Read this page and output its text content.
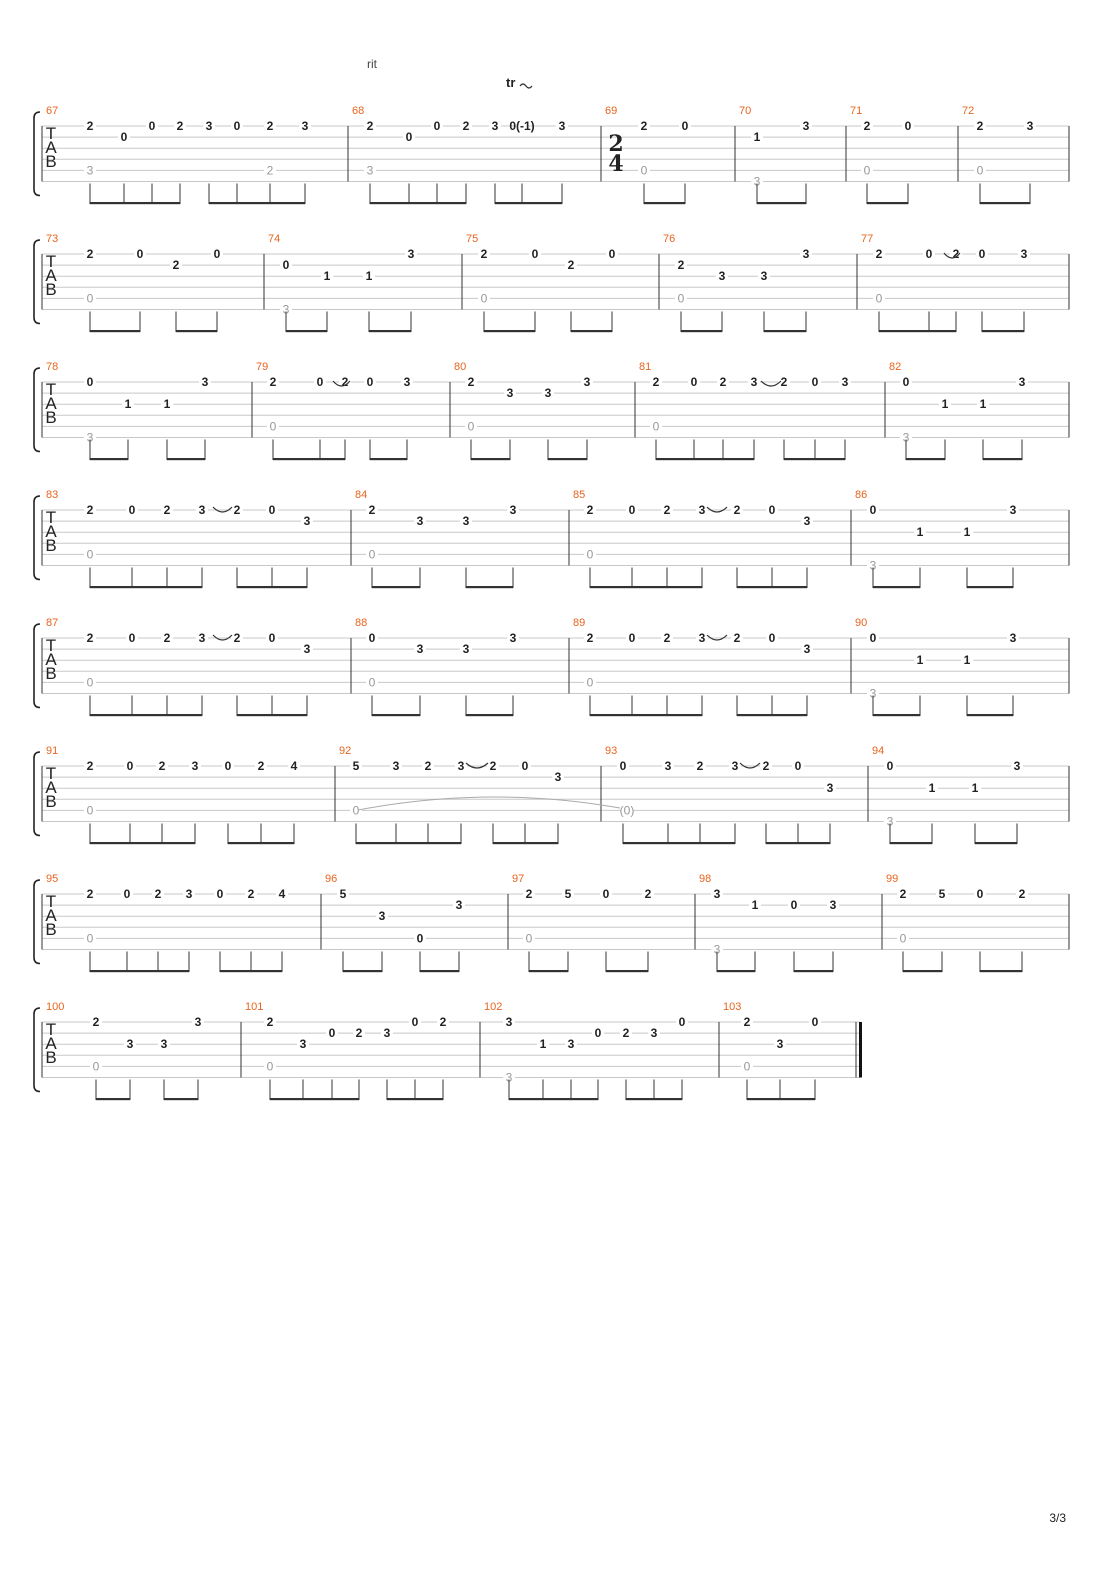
rit
tr
T
A
B
67
2
3
0
0 2 3 0
2
3
2
68
2
3
0
0 2 3 0(-1) 3
69
2
0
0
70
1
3
3
71
2
0
0
72
2
0
3
T
A
B
73
2
0
0
2
0
74
0
3
1	1
3
75
2
0
0
2
0
76
2
0
3	3
3
77
2
0
0 2 0	3
T
A
B
78
0
3
1	1
3
79
2
0
0 2 0	3
80
2
0
3	3
3
81
2
0
0 2 3 2 0 3
82
0
3
1	1
3
T
A
B
83
2
0
0 2 3 2 0
3
84
2
0
3	3
3
85
2
0
0 2 3 2 0
3
86
0
3
1	1
3
T
A
B
87
2
0
0 2 3 2 0
3
88
0
0
3	3
3
89
2
0
0 2 3 2 0
3
90
0
3
1	1
3
T
A
B
91
2
0
0 2 3 0 2 4
92
5
0
3 2 3 2 0
3
93
0
(0)
3 2 3 2 0
3
94
0
3
1	1
3
T
A
B
95
2
0
0 2 3 0 2 4
96
5
3
0
3
97
2
0
5	0	2
98
3
3
1	0	3
99
2
0
5	0	2
T
A
B
100
2
0
3 3
3
101
2
0
3
0 2 3
0 2
102
3
3
1 3
0 2 3
0
103
2
0
3
0
2
4
3/3
